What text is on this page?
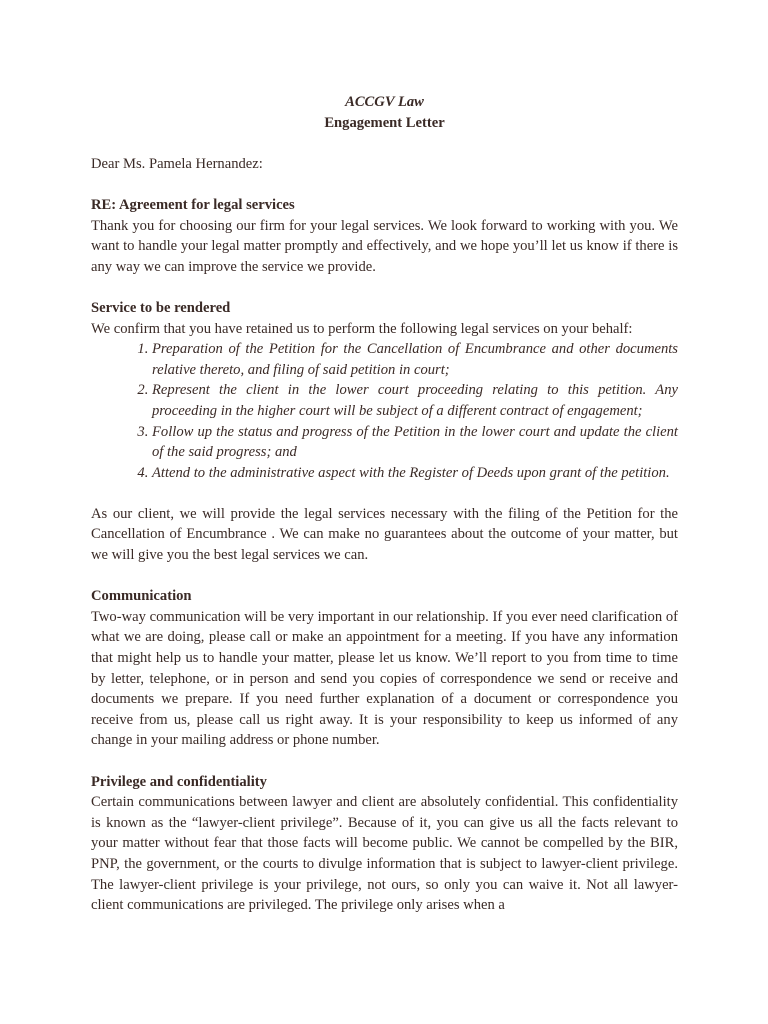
ACCGV Law
Engagement Letter

Dear Ms. Pamela Hernandez:

RE: Agreement for legal services

Thank you for choosing our firm for your legal services. We look forward to working with you. We want to handle your legal matter promptly and effectively, and we hope you’ll let us know if there is any way we can improve the service we provide.

Service to be rendered

We confirm that you have retained us to perform the following legal services on your behalf:

1. Preparation of the Petition for the Cancellation of Encumbrance and other documents relative thereto, and filing of said petition in court;
2. Represent the client in the lower court proceeding relating to this petition. Any proceeding in the higher court will be subject of a different contract of engagement;
3. Follow up the status and progress of the Petition in the lower court and update the client of the said progress; and
4. Attend to the administrative aspect with the Register of Deeds upon grant of the petition.

As our client, we will provide the legal services necessary with the filing of the Petition for the Cancellation of Encumbrance . We can make no guarantees about the outcome of your matter, but we will give you the best legal services we can.

Communication

Two-way communication will be very important in our relationship. If you ever need clarification of what we are doing, please call or make an appointment for a meeting. If you have any information that might help us to handle your matter, please let us know. We’ll report to you from time to time by letter, telephone, or in person and send you copies of correspondence we send or receive and documents we prepare. If you need further explanation of a document or correspondence you receive from us, please call us right away. It is your responsibility to keep us informed of any change in your mailing address or phone number.

Privilege and confidentiality

Certain communications between lawyer and client are absolutely confidential. This confidentiality is known as the “lawyer-client privilege”. Because of it, you can give us all the facts relevant to your matter without fear that those facts will become public. We cannot be compelled by the BIR, PNP, the government, or the courts to divulge information that is subject to lawyer-client privilege. The lawyer-client privilege is your privilege, not ours, so only you can waive it. Not all lawyer-client communications are privileged. The privilege only arises when a
